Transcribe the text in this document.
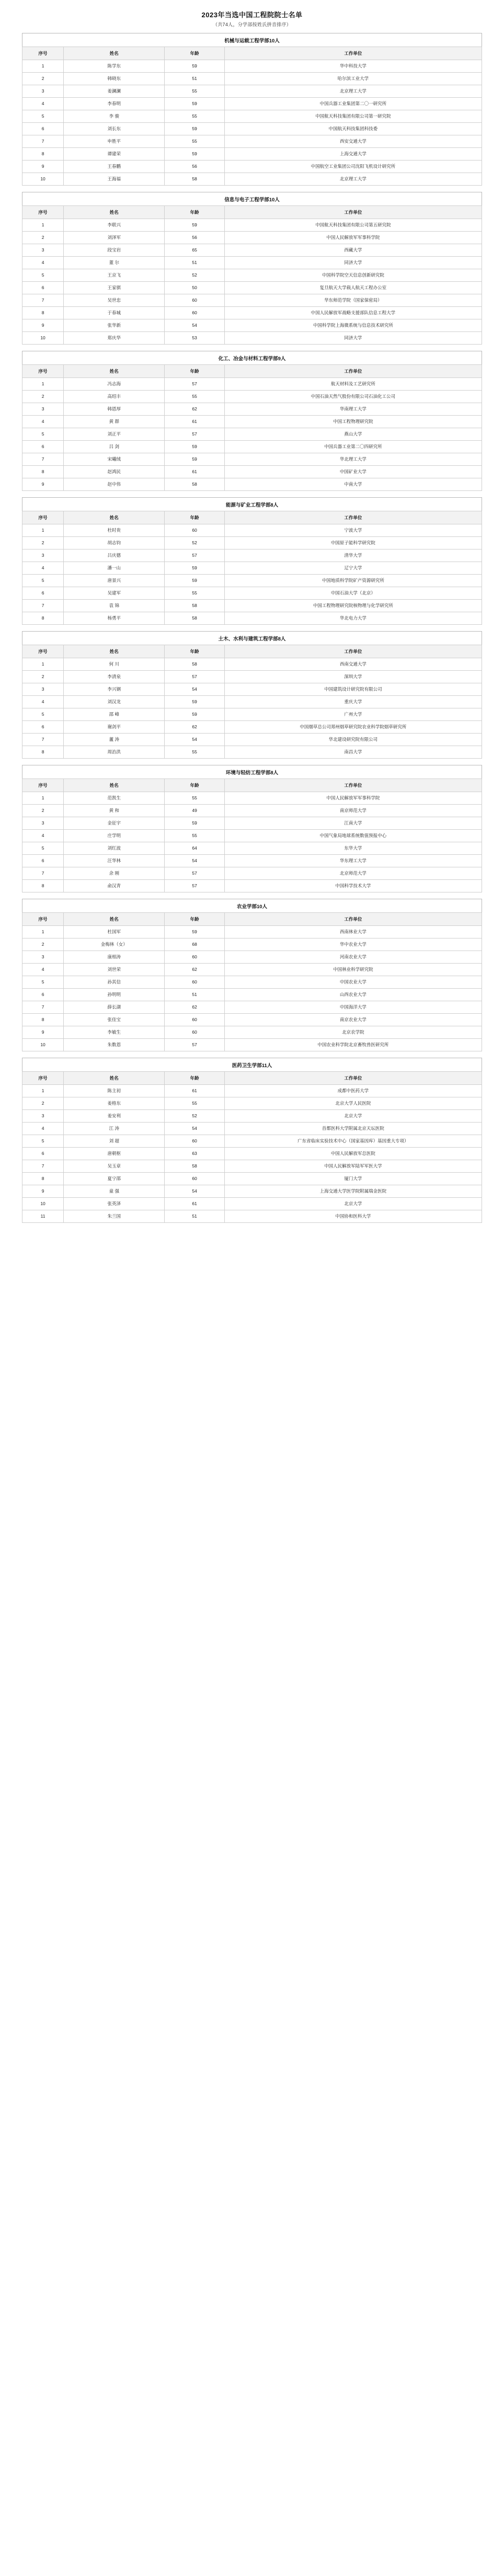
2023年当选中国工程院院士名单
（共74人，分学部按姓氏拼音排序）
机械与运载工程学部10人
序号	姓名	年龄	工作单位
1	陈学东	59	华中科技大学
2	韩晓东	51	哈尔滨工业大学
3	姜澜澜	55	北京理工大学
4	李春明	59	中国兵器工业集团第二〇一研究所
5	李 骏	55	中国航天科技集团有限公司第一研究院
6	刘长东	59	中国航天科技集团科技委
7	申胜平	55	西安交通大学
8	谭建荣	59	上海交通大学
9	王春鹏	56	中国航空工业集团公司沈阳飞机设计研究所
10	王海福	58	北京理工大学
信息与电子工程学部10人
序号	姓名	年龄	工作单位
1	李联兴	59	中国航天科技集团有限公司第五研究院
2	刘泽军	56	中国人民解放军军事科学院
3	段宝岩	65	西藏大学
4	董 尔	51	同济大学
5	王京飞	52	中国科学院空天信息创新研究院
6	王家骐	50	复旦航天大学载人航天工程办公室
7	吴世忠	60	华东师范学院（国家保密局）
8	于春城	60	中国人民解放军战略支援部队信息工程大学
9	张华新	54	中国科学院上海微系统与信息技术研究所
10	郑庆华	53	同济大学
化工、冶金与材料工程学部9人
序号	姓名	年龄	工作单位
1	冯志海	57	航天材料及工艺研究所
2	高绍丰	55	中国石油天然气股份有限公司石油化工公司
3	韩恩厚	62	华南理工大学
4	黄 群	61	中国工程物理研究院
5	刘正平	57	燕山大学
6	吕 剑	59	中国兵器工业第二〇四研究所
7	宋曦绒	59	华北理工大学
8	赵鸿民	61	中国矿业大学
9	赵中伟	58	中南大学
能源与矿业工程学部8人
序号	姓名	年龄	工作单位
1	杜时贵	60	宁波大学
2	胡志钧	52	中国原子能科学研究院
3	吕庆德	57	清华大学
4	潘一山	59	辽宁大学
5	唐景兴	59	中国地质科学院矿产资源研究所
6	吴建军	55	中国石油大学（北京）
7	袁 锦	58	中国工程物理研究院核物理与化学研究所
8	杨勇平	58	华北电力大学
土木、水利与建筑工程学部8人
序号	姓名	年龄	工作单位
1	何 川	58	西南交通大学
2	李清泉	57	深圳大学
3	李兴钢	54	中国建筑设计研究院有限公司
4	刘汉龙	59	重庆大学
5	邵 峰	59	广州大学
6	谢剑平	62	中国烟草总公司郑州烟草研究院农业科学院烟草研究所
7	蘆 涛	54	华北建设研究院有限公司
8	周治洪	55	南昌大学
环境与轻纺工程学部8人
序号	姓名	年龄	工作单位
1	范凯生	55	中国人民解放军军事科学院
2	黄 和	49	南京师范大学
3	金征宇	59	江南大学
4	庄学明	55	中国气象局地球系统数值预报中心
5	刘红波	64	东华大学
6	汪华林	54	华东理工大学
7	余 刚	57	北京师范大学
8	俞汉青	57	中国科学技术大学
农业学部10人
序号	姓名	年龄	工作单位
1	杜国军	59	西南林业大学
2	金梅林（女）	68	华中农业大学
3	康相涛	60	河南农业大学
4	刘世荣	62	中国林业科学研究院
5	孙其信	60	中国农业大学
6	孙明明	51	山西农业大学
7	薛长湖	62	中国海洋大学
8	张佳宝	60	南京农业大学
9	李敏生	60	北京农学院
10	朱数恩	57	中国农业科学院北京畜牧兽医研究所
医药卫生学部11人
序号	姓名	年龄	工作单位
1	陈主初	61	成都中医药大学
2	姜格东	55	北京大学人民医院
3	姜安利	52	北京大学
4	江 涛	54	首都医科大学附属北京天坛医院
5	刘 超	60	广东省临床实验技术中心（国家基因库）基因重大专项）
6	唐朝枢	63	中国人民解放军总医院
7	吴玉章	58	中国人民解放军陆军军医大学
8	夏宁邵	60	厦门大学
9	童 强	54	上海交通大学医学院附属瑞金医院
10	张英泽	61	北京大学
11	朱兰国	51	中国协和医科大学
